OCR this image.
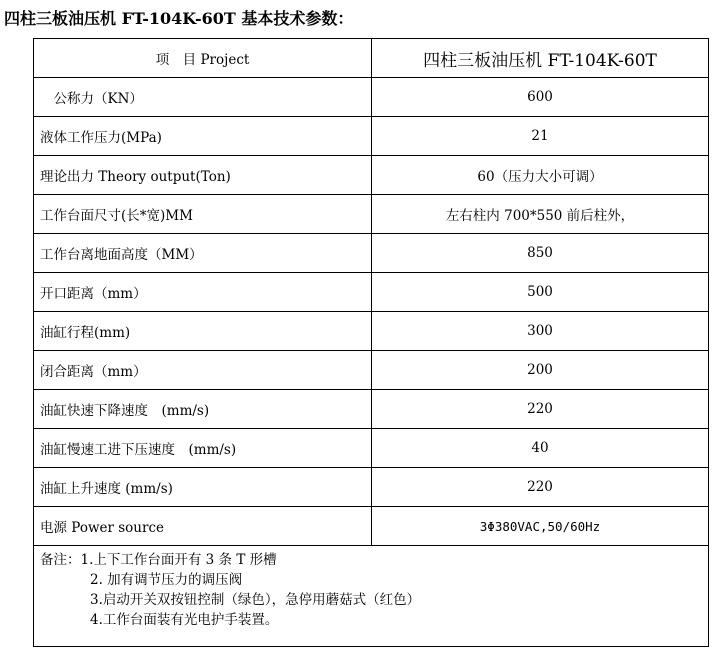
四柱三板油压机 FT-104K-60T 基本技术参数：
项　目 Project	四柱三板油压机 FT-104K-60T
　公称力（KN）	600
液体工作压力(MPa)	21
理论出力 Theory output(Ton)	60（压力大小可调）
工作台面尺寸(长*宽)MM	左右柱内 700*550 前后柱外，
工作台离地面高度（MM）	850
开口距离（mm）	500
油缸行程(mm)	300
闭合距离（mm）	200
油缸快速下降速度　(mm/s)	220
油缸慢速工进下压速度　(mm/s)	40
油缸上升速度 (mm/s)	220
电源 Power source	3Φ380VAC,50/60Hz

备注：1.上下工作台面开有 3 条 T 形槽
2. 加有调节压力的调压阀
3.启动开关双按钮控制（绿色），急停用蘑菇式（红色）
4.工作台面装有光电护手装置。	
